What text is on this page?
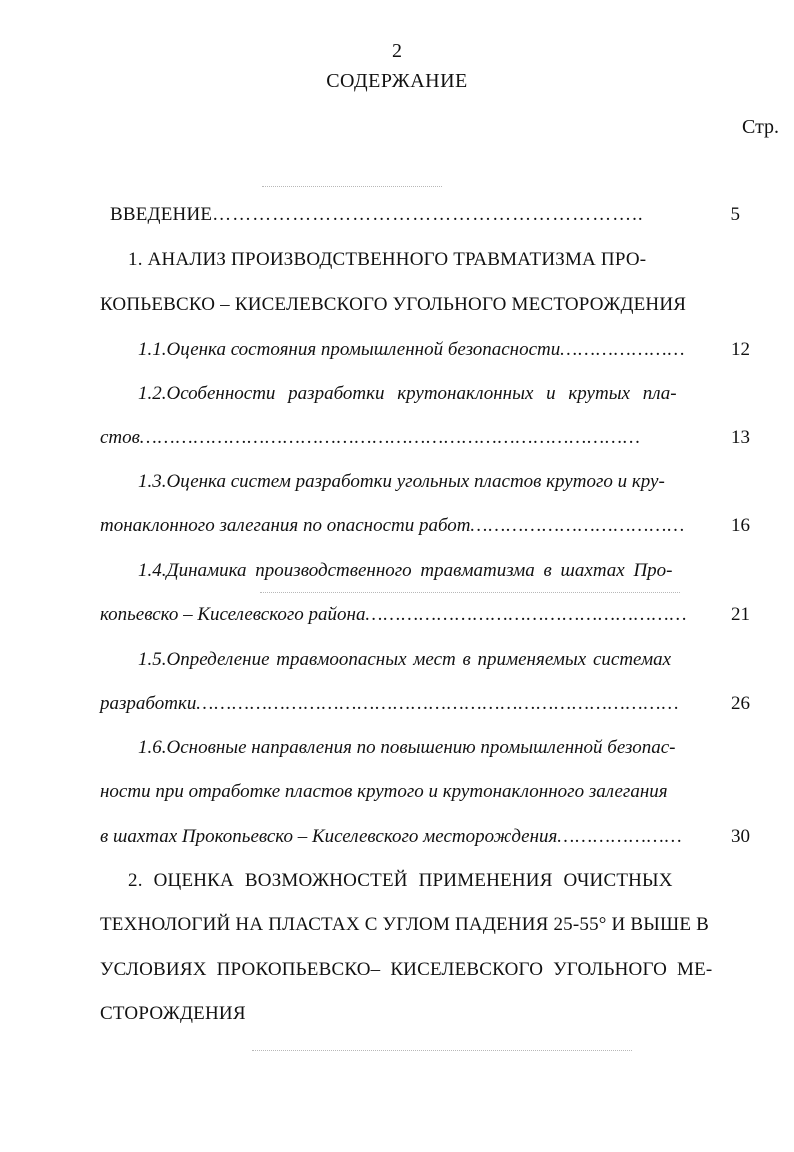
2
СОДЕРЖАНИЕ
Стр.
ВВЕДЕНИЕ………………………………………………………..	5
1. АНАЛИЗ ПРОИЗВОДСТВЕННОГО ТРАВМАТИЗМА ПРО-
КОПЬЕВСКО – КИСЕЛЕВСКОГО УГОЛЬНОГО МЕСТОРОЖДЕНИЯ
1.1.Оценка состояния промышленной безопасности…………………	12
1.2.Особенности разработки крутонаклонных и крутых пла-
стов…………………………………………………………………………	13
1.3.Оценка систем разработки угольных пластов крутого и кру-
тонаклонного залегания по опасности работ………………………………	16
1.4.Динамика производственного травматизма в шахтах Про-
копьевско – Киселевского района………………………………………………	21
1.5.Определение травмоопасных мест в применяемых системах
разработки………………………………………………………………………	26
1.6.Основные направления по повышению промышленной безопас-
ности при отработке пластов крутого и крутонаклонного залегания
в шахтах Прокопьевско – Киселевского месторождения…………………	30
2. ОЦЕНКА ВОЗМОЖНОСТЕЙ ПРИМЕНЕНИЯ ОЧИСТНЫХ
ТЕХНОЛОГИЙ НА ПЛАСТАХ С УГЛОМ ПАДЕНИЯ 25-55° И ВЫШЕ В
УСЛОВИЯХ ПРОКОПЬЕВСКО– КИСЕЛЕВСКОГО УГОЛЬНОГО МЕ-
СТОРОЖДЕНИЯ
